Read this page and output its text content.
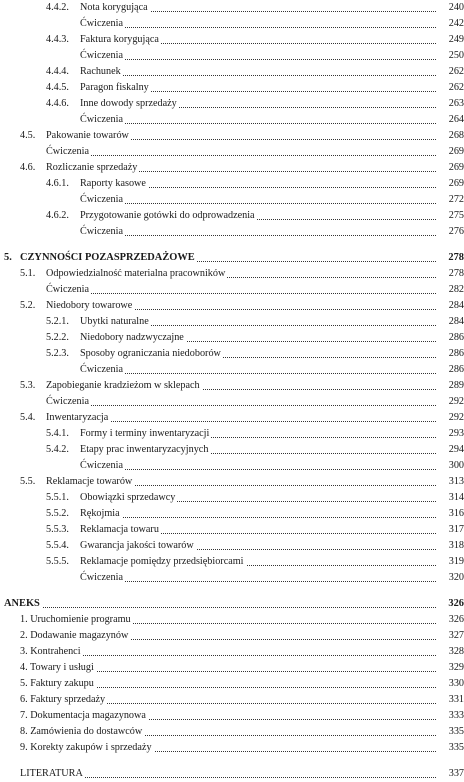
4.4.2. Nota korygująca	240
Ćwiczenia	242
4.4.3. Faktura korygująca	249
Ćwiczenia	250
4.4.4. Rachunek	262
4.4.5. Paragon fiskalny	262
4.4.6. Inne dowody sprzedaży	263
Ćwiczenia	264
4.5. Pakowanie towarów	268
Ćwiczenia	269
4.6. Rozliczanie sprzedaży	269
4.6.1. Raporty kasowe	269
Ćwiczenia	272
4.6.2. Przygotowanie gotówki do odprowadzenia	275
Ćwiczenia	276
5. CZYNNOŚCI POZASPRZEDAŻOWE	278
5.1. Odpowiedzialność materialna pracowników	278
Ćwiczenia	282
5.2. Niedobory towarowe	284
5.2.1. Ubytki naturalne	284
5.2.2. Niedobory nadzwyczajne	286
5.2.3. Sposoby ograniczania niedoborów	286
Ćwiczenia	286
5.3. Zapobieganie kradzieżom w sklepach	289
Ćwiczenia	292
5.4. Inwentaryzacja	292
5.4.1. Formy i terminy inwentaryzacji	293
5.4.2. Etapy prac inwentaryzacyjnych	294
Ćwiczenia	300
5.5. Reklamacje towarów	313
5.5.1. Obowiązki sprzedawcy	314
5.5.2. Rękojmia	316
5.5.3. Reklamacja towaru	317
5.5.4. Gwarancja jakości towarów	318
5.5.5. Reklamacje pomiędzy przedsiębiorcami	319
Ćwiczenia	320
ANEKS	326
1. Uruchomienie programu	326
2. Dodawanie magazynów	327
3. Kontrahenci	328
4. Towary i usługi	329
5. Faktury zakupu	330
6. Faktury sprzedaży	331
7. Dokumentacja magazynowa	333
8. Zamówienia do dostawców	335
9. Korekty zakupów i sprzedaży	335
LITERATURA	337
